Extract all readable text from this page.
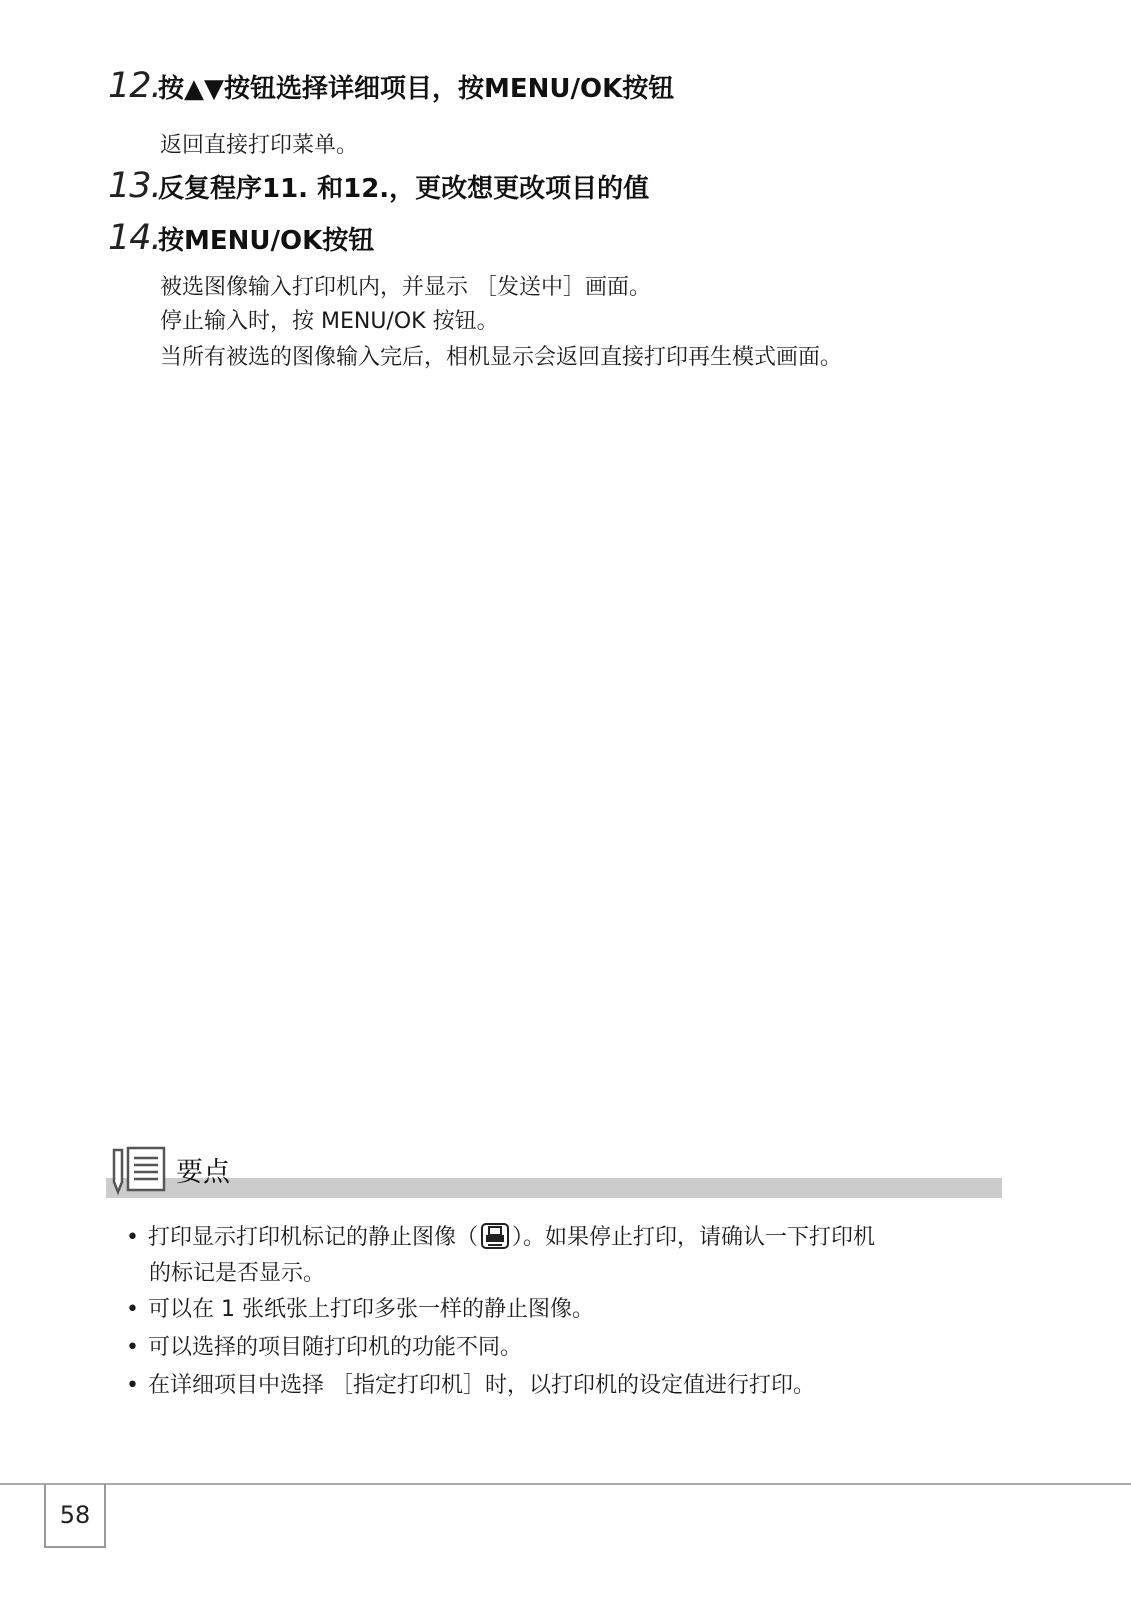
12.
按▲▼按钮选择详细项目，按MENU/OK按钮
返回直接打印菜单。
13.
反复程序11. 和12.，更改想更改项目的值
14.
按MENU/OK按钮
被选图像输入打印机内，并显示 ［发送中］画面。
停止输入时，按 MENU/OK 按钮。
当所有被选的图像输入完后，相机显示会返回直接打印再生模式画面。
要点
• 打印显示打印机标记的静止图像（ ）。如果停止打印，请确认一下打印机
的标记是否显示。
• 可以在 1 张纸张上打印多张一样的静止图像。
• 可以选择的项目随打印机的功能不同。
• 在详细项目中选择 ［指定打印机］时，以打印机的设定值进行打印。
58
